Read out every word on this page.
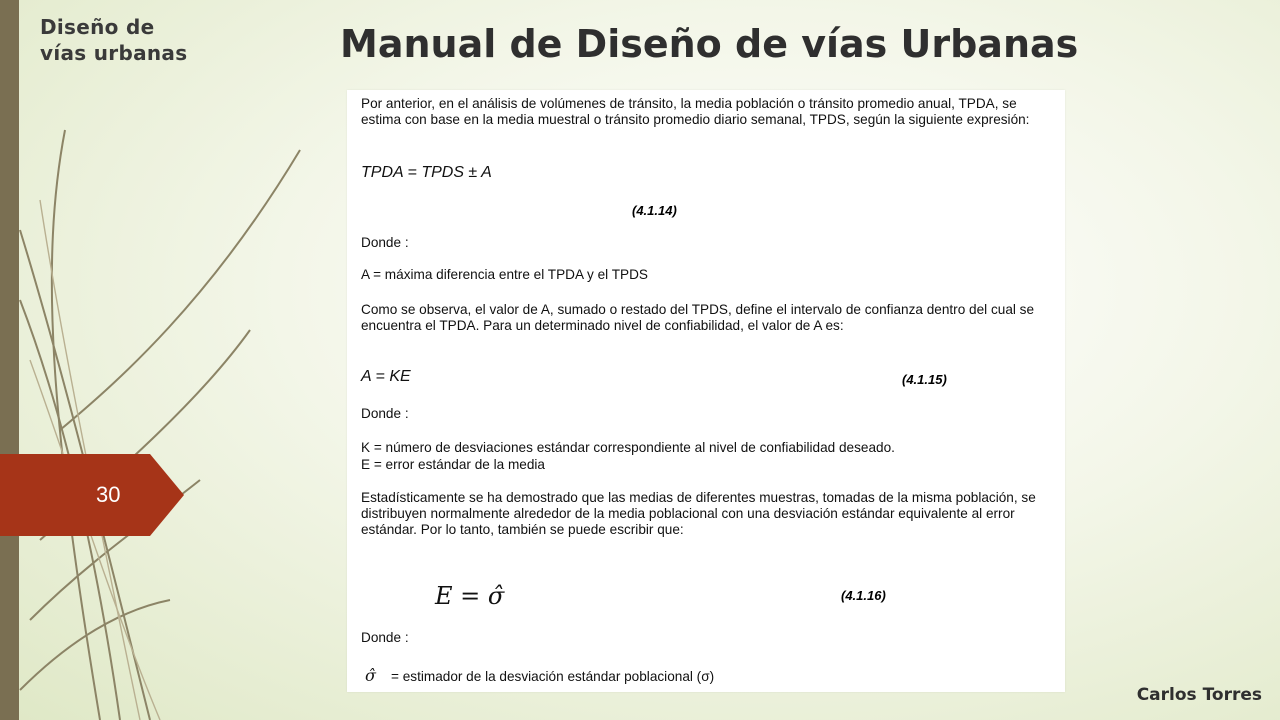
Diseño de
vías urbanas	Manual de Diseño de vías Urbanas
30

Por anterior, en el análisis de volúmenes de tránsito, la media población o tránsito promedio anual, TPDA, se estima con base en la media muestral o tránsito promedio diario semanal, TPDS, según la siguiente expresión:

TPDA = TPDS ± A

(4.1.14)

Donde :

A = máxima diferencia entre el TPDA y el TPDS

Como se observa, el valor de A, sumado o restado del TPDS, define el intervalo de confianza dentro del cual se encuentra el TPDA. Para un determinado nivel de confiabilidad, el valor de A es:

A = KE	(4.1.15)

Donde :

K = número de desviaciones estándar correspondiente al nivel de confiabilidad deseado.

E = error estándar de la media

Estadísticamente se ha demostrado que las medias de diferentes muestras, tomadas de la misma población, se distribuyen normalmente alrededor de la media poblacional con una desviación estándar equivalente al error estándar. Por lo tanto, también se puede escribir que:

E = σ̂	(4.1.16)

Donde :

σ̂ = estimador de la desviación estándar poblacional (σ)

Carlos Torres
